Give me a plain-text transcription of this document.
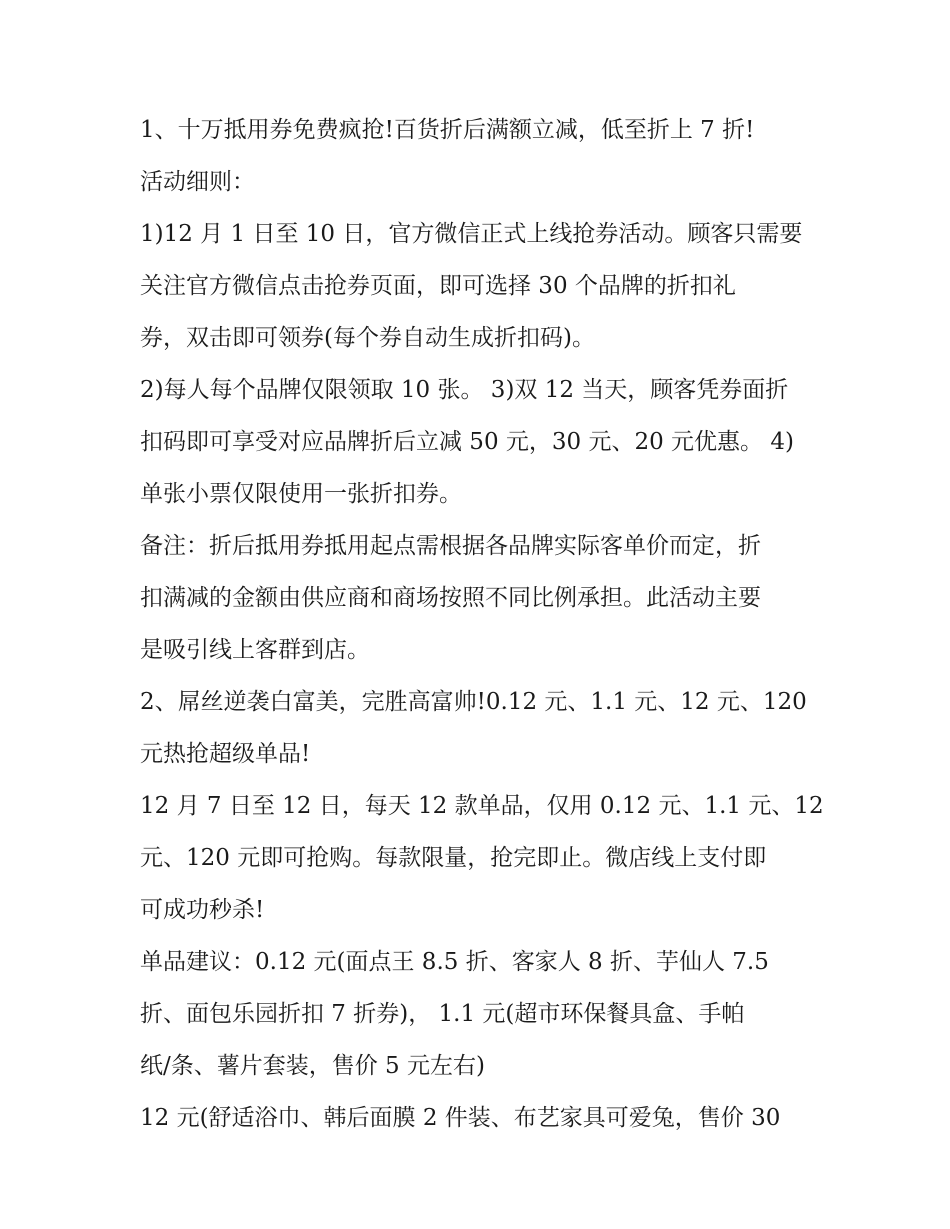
1、十万抵用券免费疯抢!百货折后满额立减，低至折上 7 折!

活动细则：

1)12 月 1 日至 10 日，官方微信正式上线抢券活动。顾客只需要

关注官方微信点击抢券页面，即可选择 30 个品牌的折扣礼

券，双击即可领券(每个券自动生成折扣码)。

2)每人每个品牌仅限领取 10 张。 3)双 12 当天，顾客凭券面折

扣码即可享受对应品牌折后立减 50 元，30 元、20 元优惠。 4)

单张小票仅限使用一张折扣券。

备注：折后抵用券抵用起点需根据各品牌实际客单价而定，折

扣满减的金额由供应商和商场按照不同比例承担。此活动主要

是吸引线上客群到店。

2、屌丝逆袭白富美，完胜高富帅!0.12 元、1.1 元、12 元、120

元热抢超级单品!

12 月 7 日至 12 日，每天 12 款单品，仅用 0.12 元、1.1 元、12

元、120 元即可抢购。每款限量，抢完即止。微店线上支付即

可成功秒杀!

单品建议：0.12 元(面点王 8.5 折、客家人 8 折、芋仙人 7.5

折、面包乐园折扣 7 折券)， 1.1 元(超市环保餐具盒、手帕

纸/条、薯片套装，售价 5 元左右)

12 元(舒适浴巾、韩后面膜 2 件装、布艺家具可爱兔，售价 30
